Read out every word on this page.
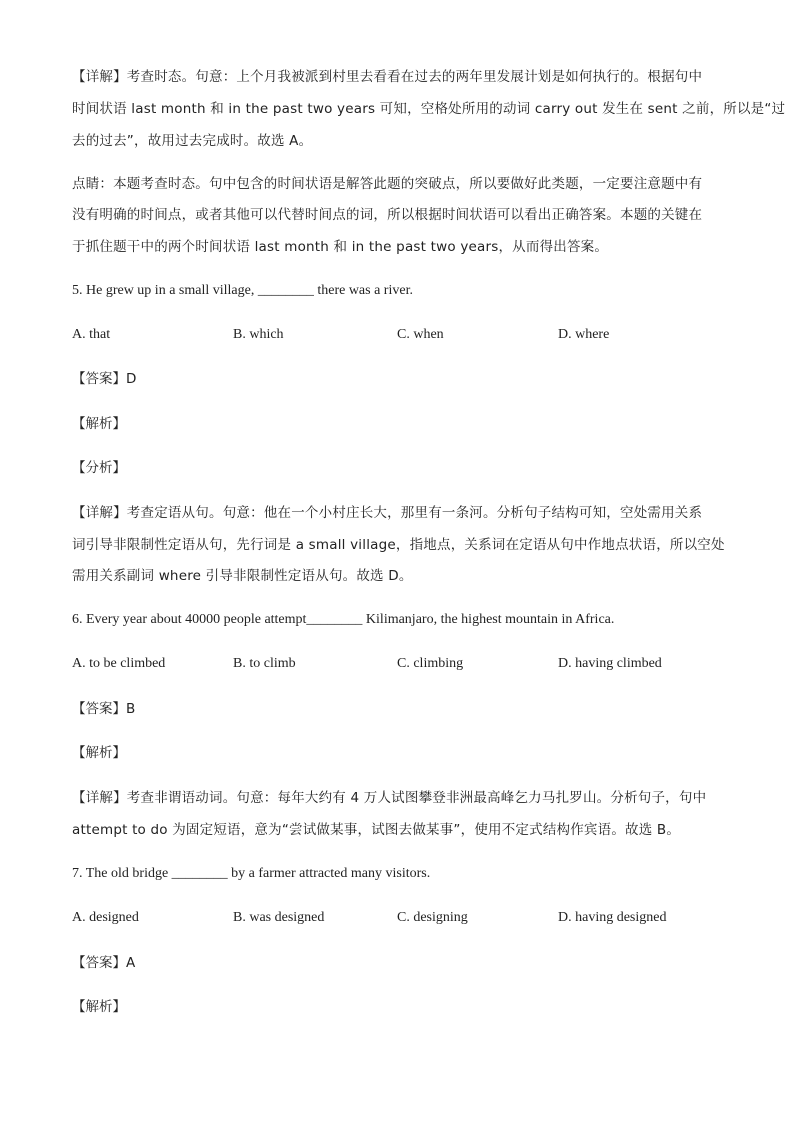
【详解】考查时态。句意：上个月我被派到村里去看看在过去的两年里发展计划是如何执行的。根据句中
时间状语 last month 和 in the past two years 可知，空格处所用的动词 carry out 发生在 sent 之前，所以是“过
去的过去”，故用过去完成时。故选 A。
点睛：本题考查时态。句中包含的时间状语是解答此题的突破点，所以要做好此类题，一定要注意题中有
没有明确的时间点，或者其他可以代替时间点的词，所以根据时间状语可以看出正确答案。本题的关键在
于抓住题干中的两个时间状语 last month 和 in the past two years，从而得出答案。
5. He grew up in a small village, ________ there was a river.
A. that	B. which	C. when	D. where
【答案】D
【解析】
【分析】
【详解】考查定语从句。句意：他在一个小村庄长大，那里有一条河。分析句子结构可知，空处需用关系
词引导非限制性定语从句，先行词是 a small village，指地点，关系词在定语从句中作地点状语，所以空处
需用关系副词 where 引导非限制性定语从句。故选 D。
6. Every year about 40000 people attempt________ Kilimanjaro, the highest mountain in Africa.
A. to be climbed	B. to climb	C. climbing	D. having climbed
【答案】B
【解析】
【详解】考查非谓语动词。句意：每年大约有 4 万人试图攀登非洲最高峰乞力马扎罗山。分析句子，句中
attempt to do 为固定短语，意为“尝试做某事，试图去做某事”，使用不定式结构作宾语。故选 B。
7. The old bridge ________ by a farmer attracted many visitors.
A. designed	B. was designed	C. designing	D. having designed
【答案】A
【解析】
